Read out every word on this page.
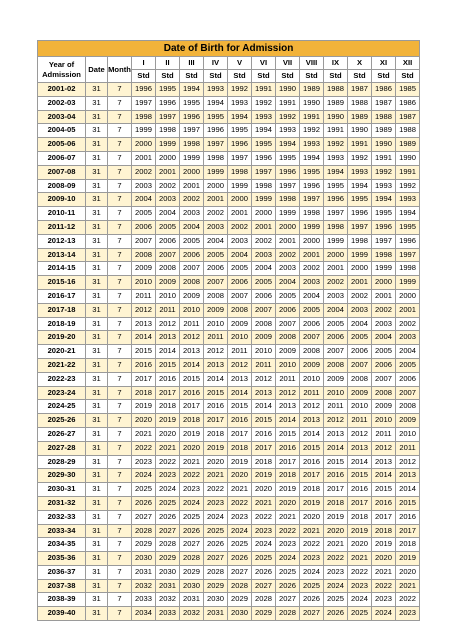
Date of Birth for Admission														
Year of Admission	Date	Month	I	II	III	IV	V	VI	VII	VIII	IX	X	XI	XII
			Std	Std	Std	Std	Std	Std	Std	Std	Std	Std	Std	Std
2001-02	31	7	1996	1995	1994	1993	1992	1991	1990	1989	1988	1987	1986	1985
2002-03	31	7	1997	1996	1995	1994	1993	1992	1991	1990	1989	1988	1987	1986
2003-04	31	7	1998	1997	1996	1995	1994	1993	1992	1991	1990	1989	1988	1987
2004-05	31	7	1999	1998	1997	1996	1995	1994	1993	1992	1991	1990	1989	1988
2005-06	31	7	2000	1999	1998	1997	1996	1995	1994	1993	1992	1991	1990	1989
2006-07	31	7	2001	2000	1999	1998	1997	1996	1995	1994	1993	1992	1991	1990
2007-08	31	7	2002	2001	2000	1999	1998	1997	1996	1995	1994	1993	1992	1991
2008-09	31	7	2003	2002	2001	2000	1999	1998	1997	1996	1995	1994	1993	1992
2009-10	31	7	2004	2003	2002	2001	2000	1999	1998	1997	1996	1995	1994	1993
2010-11	31	7	2005	2004	2003	2002	2001	2000	1999	1998	1997	1996	1995	1994
2011-12	31	7	2006	2005	2004	2003	2002	2001	2000	1999	1998	1997	1996	1995
2012-13	31	7	2007	2006	2005	2004	2003	2002	2001	2000	1999	1998	1997	1996
2013-14	31	7	2008	2007	2006	2005	2004	2003	2002	2001	2000	1999	1998	1997
2014-15	31	7	2009	2008	2007	2006	2005	2004	2003	2002	2001	2000	1999	1998
2015-16	31	7	2010	2009	2008	2007	2006	2005	2004	2003	2002	2001	2000	1999
2016-17	31	7	2011	2010	2009	2008	2007	2006	2005	2004	2003	2002	2001	2000
2017-18	31	7	2012	2011	2010	2009	2008	2007	2006	2005	2004	2003	2002	2001
2018-19	31	7	2013	2012	2011	2010	2009	2008	2007	2006	2005	2004	2003	2002
2019-20	31	7	2014	2013	2012	2011	2010	2009	2008	2007	2006	2005	2004	2003
2020-21	31	7	2015	2014	2013	2012	2011	2010	2009	2008	2007	2006	2005	2004
2021-22	31	7	2016	2015	2014	2013	2012	2011	2010	2009	2008	2007	2006	2005
2022-23	31	7	2017	2016	2015	2014	2013	2012	2011	2010	2009	2008	2007	2006
2023-24	31	7	2018	2017	2016	2015	2014	2013	2012	2011	2010	2009	2008	2007
2024-25	31	7	2019	2018	2017	2016	2015	2014	2013	2012	2011	2010	2009	2008
2025-26	31	7	2020	2019	2018	2017	2016	2015	2014	2013	2012	2011	2010	2009
2026-27	31	7	2021	2020	2019	2018	2017	2016	2015	2014	2013	2012	2011	2010
2027-28	31	7	2022	2021	2020	2019	2018	2017	2016	2015	2014	2013	2012	2011
2028-29	31	7	2023	2022	2021	2020	2019	2018	2017	2016	2015	2014	2013	2012
2029-30	31	7	2024	2023	2022	2021	2020	2019	2018	2017	2016	2015	2014	2013
2030-31	31	7	2025	2024	2023	2022	2021	2020	2019	2018	2017	2016	2015	2014
2031-32	31	7	2026	2025	2024	2023	2022	2021	2020	2019	2018	2017	2016	2015
2032-33	31	7	2027	2026	2025	2024	2023	2022	2021	2020	2019	2018	2017	2016
2033-34	31	7	2028	2027	2026	2025	2024	2023	2022	2021	2020	2019	2018	2017
2034-35	31	7	2029	2028	2027	2026	2025	2024	2023	2022	2021	2020	2019	2018
2035-36	31	7	2030	2029	2028	2027	2026	2025	2024	2023	2022	2021	2020	2019
2036-37	31	7	2031	2030	2029	2028	2027	2026	2025	2024	2023	2022	2021	2020
2037-38	31	7	2032	2031	2030	2029	2028	2027	2026	2025	2024	2023	2022	2021
2038-39	31	7	2033	2032	2031	2030	2029	2028	2027	2026	2025	2024	2023	2022
2039-40	31	7	2034	2033	2032	2031	2030	2029	2028	2027	2026	2025	2024	2023
